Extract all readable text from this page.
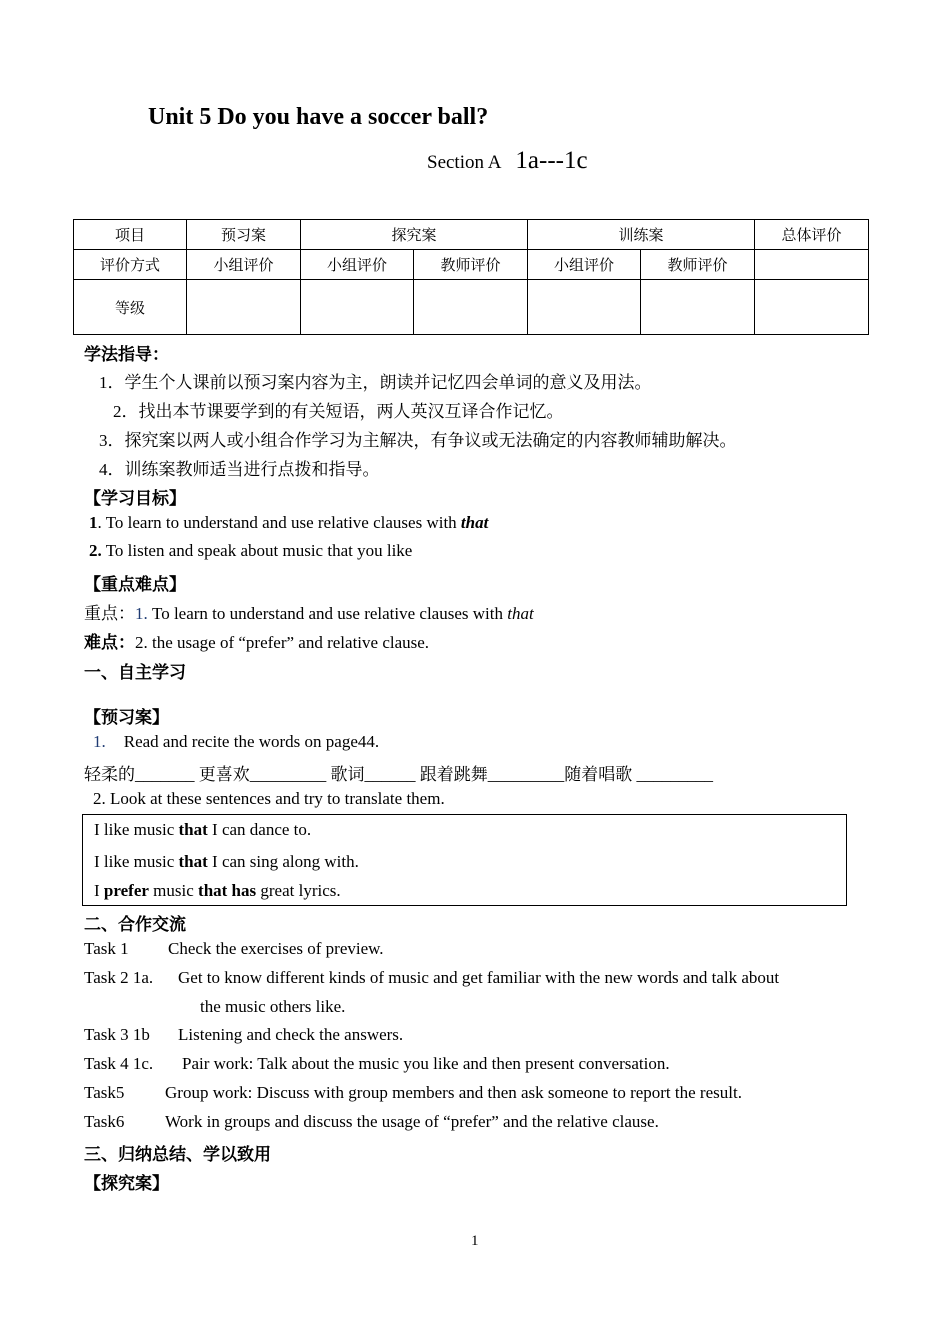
Unit 5 Do you have a soccer ball?
Section A 1a---1c
项目	预习案	探究案		训练案		总体评价
评价方式	小组评价	小组评价	教师评价	小组评价	教师评价	
等级						
学法指导：
1．学生个人课前以预习案内容为主，朗读并记忆四会单词的意义及用法。
2．找出本节课要学到的有关短语，两人英汉互译合作记忆。
3．探究案以两人或小组合作学习为主解决，有争议或无法确定的内容教师辅助解决。
4．训练案教师适当进行点拨和指导。
【学习目标】
1. To learn to understand and use relative clauses with that
2. To listen and speak about music that you like
【重点难点】
重点：1. To learn to understand and use relative clauses with that
难点：2. the usage of “prefer” and relative clause.
一、自主学习
【预习案】
1. Read and recite the words on page44.
轻柔的_______ 更喜欢_________ 歌词______ 跟着跳舞_________随着唱歌 _________
2. Look at these sentences and try to translate them.
I like music that I can dance to.
I like music that I can sing along with.
I prefer music that has great lyrics.
二、合作交流
Task 1 Check the exercises of preview.
Task 2 1a. Get to know different kinds of music and get familiar with the new words and talk about
the music others like.
Task 3 1b Listening and check the answers.
Task 4 1c. Pair work: Talk about the music you like and then present conversation.
Task5 Group work: Discuss with group members and then ask someone to report the result.
Task6 Work in groups and discuss the usage of “prefer” and the relative clause.
三、归纳总结、学以致用
【探究案】
1
